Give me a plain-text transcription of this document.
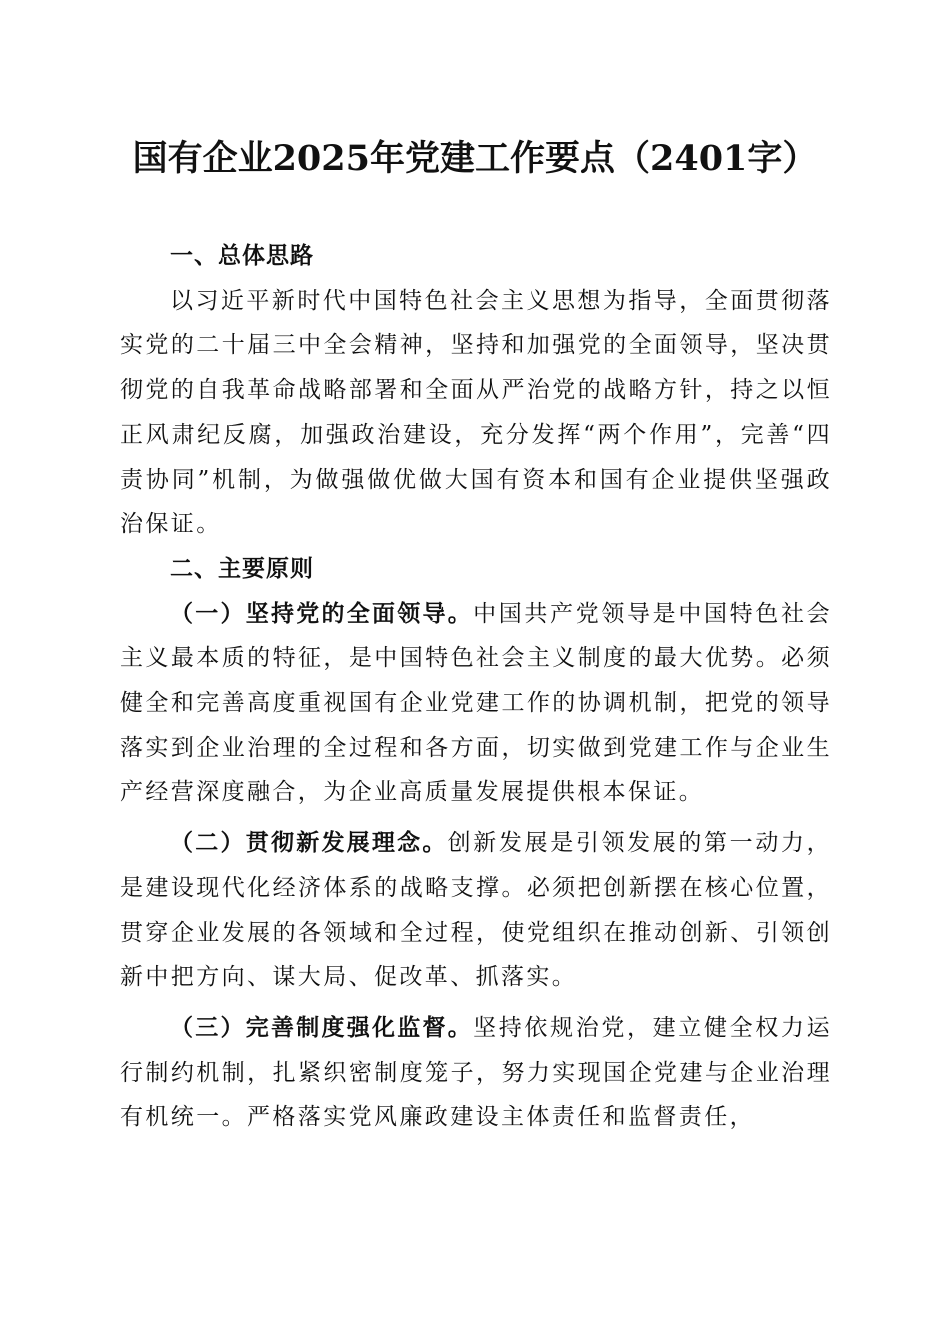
国有企业2025年党建工作要点（2401字）

一、总体思路

以习近平新时代中国特色社会主义思想为指导，全面贯彻落实党的二十届三中全会精神，坚持和加强党的全面领导，坚决贯彻党的自我革命战略部署和全面从严治党的战略方针，持之以恒正风肃纪反腐，加强政治建设，充分发挥“两个作用”，完善“四责协同”机制，为做强做优做大国有资本和国有企业提供坚强政治保证。

二、主要原则

（一）坚持党的全面领导。中国共产党领导是中国特色社会主义最本质的特征，是中国特色社会主义制度的最大优势。必须健全和完善高度重视国有企业党建工作的协调机制，把党的领导落实到企业治理的全过程和各方面，切实做到党建工作与企业生产经营深度融合，为企业高质量发展提供根本保证。

（二）贯彻新发展理念。创新发展是引领发展的第一动力，是建设现代化经济体系的战略支撑。必须把创新摆在核心位置，贯穿企业发展的各领域和全过程，使党组织在推动创新、引领创新中把方向、谋大局、促改革、抓落实。

（三）完善制度强化监督。坚持依规治党，建立健全权力运行制约机制，扎紧织密制度笼子，努力实现国企党建与企业治理有机统一。严格落实党风廉政建设主体责任和监督责任，
